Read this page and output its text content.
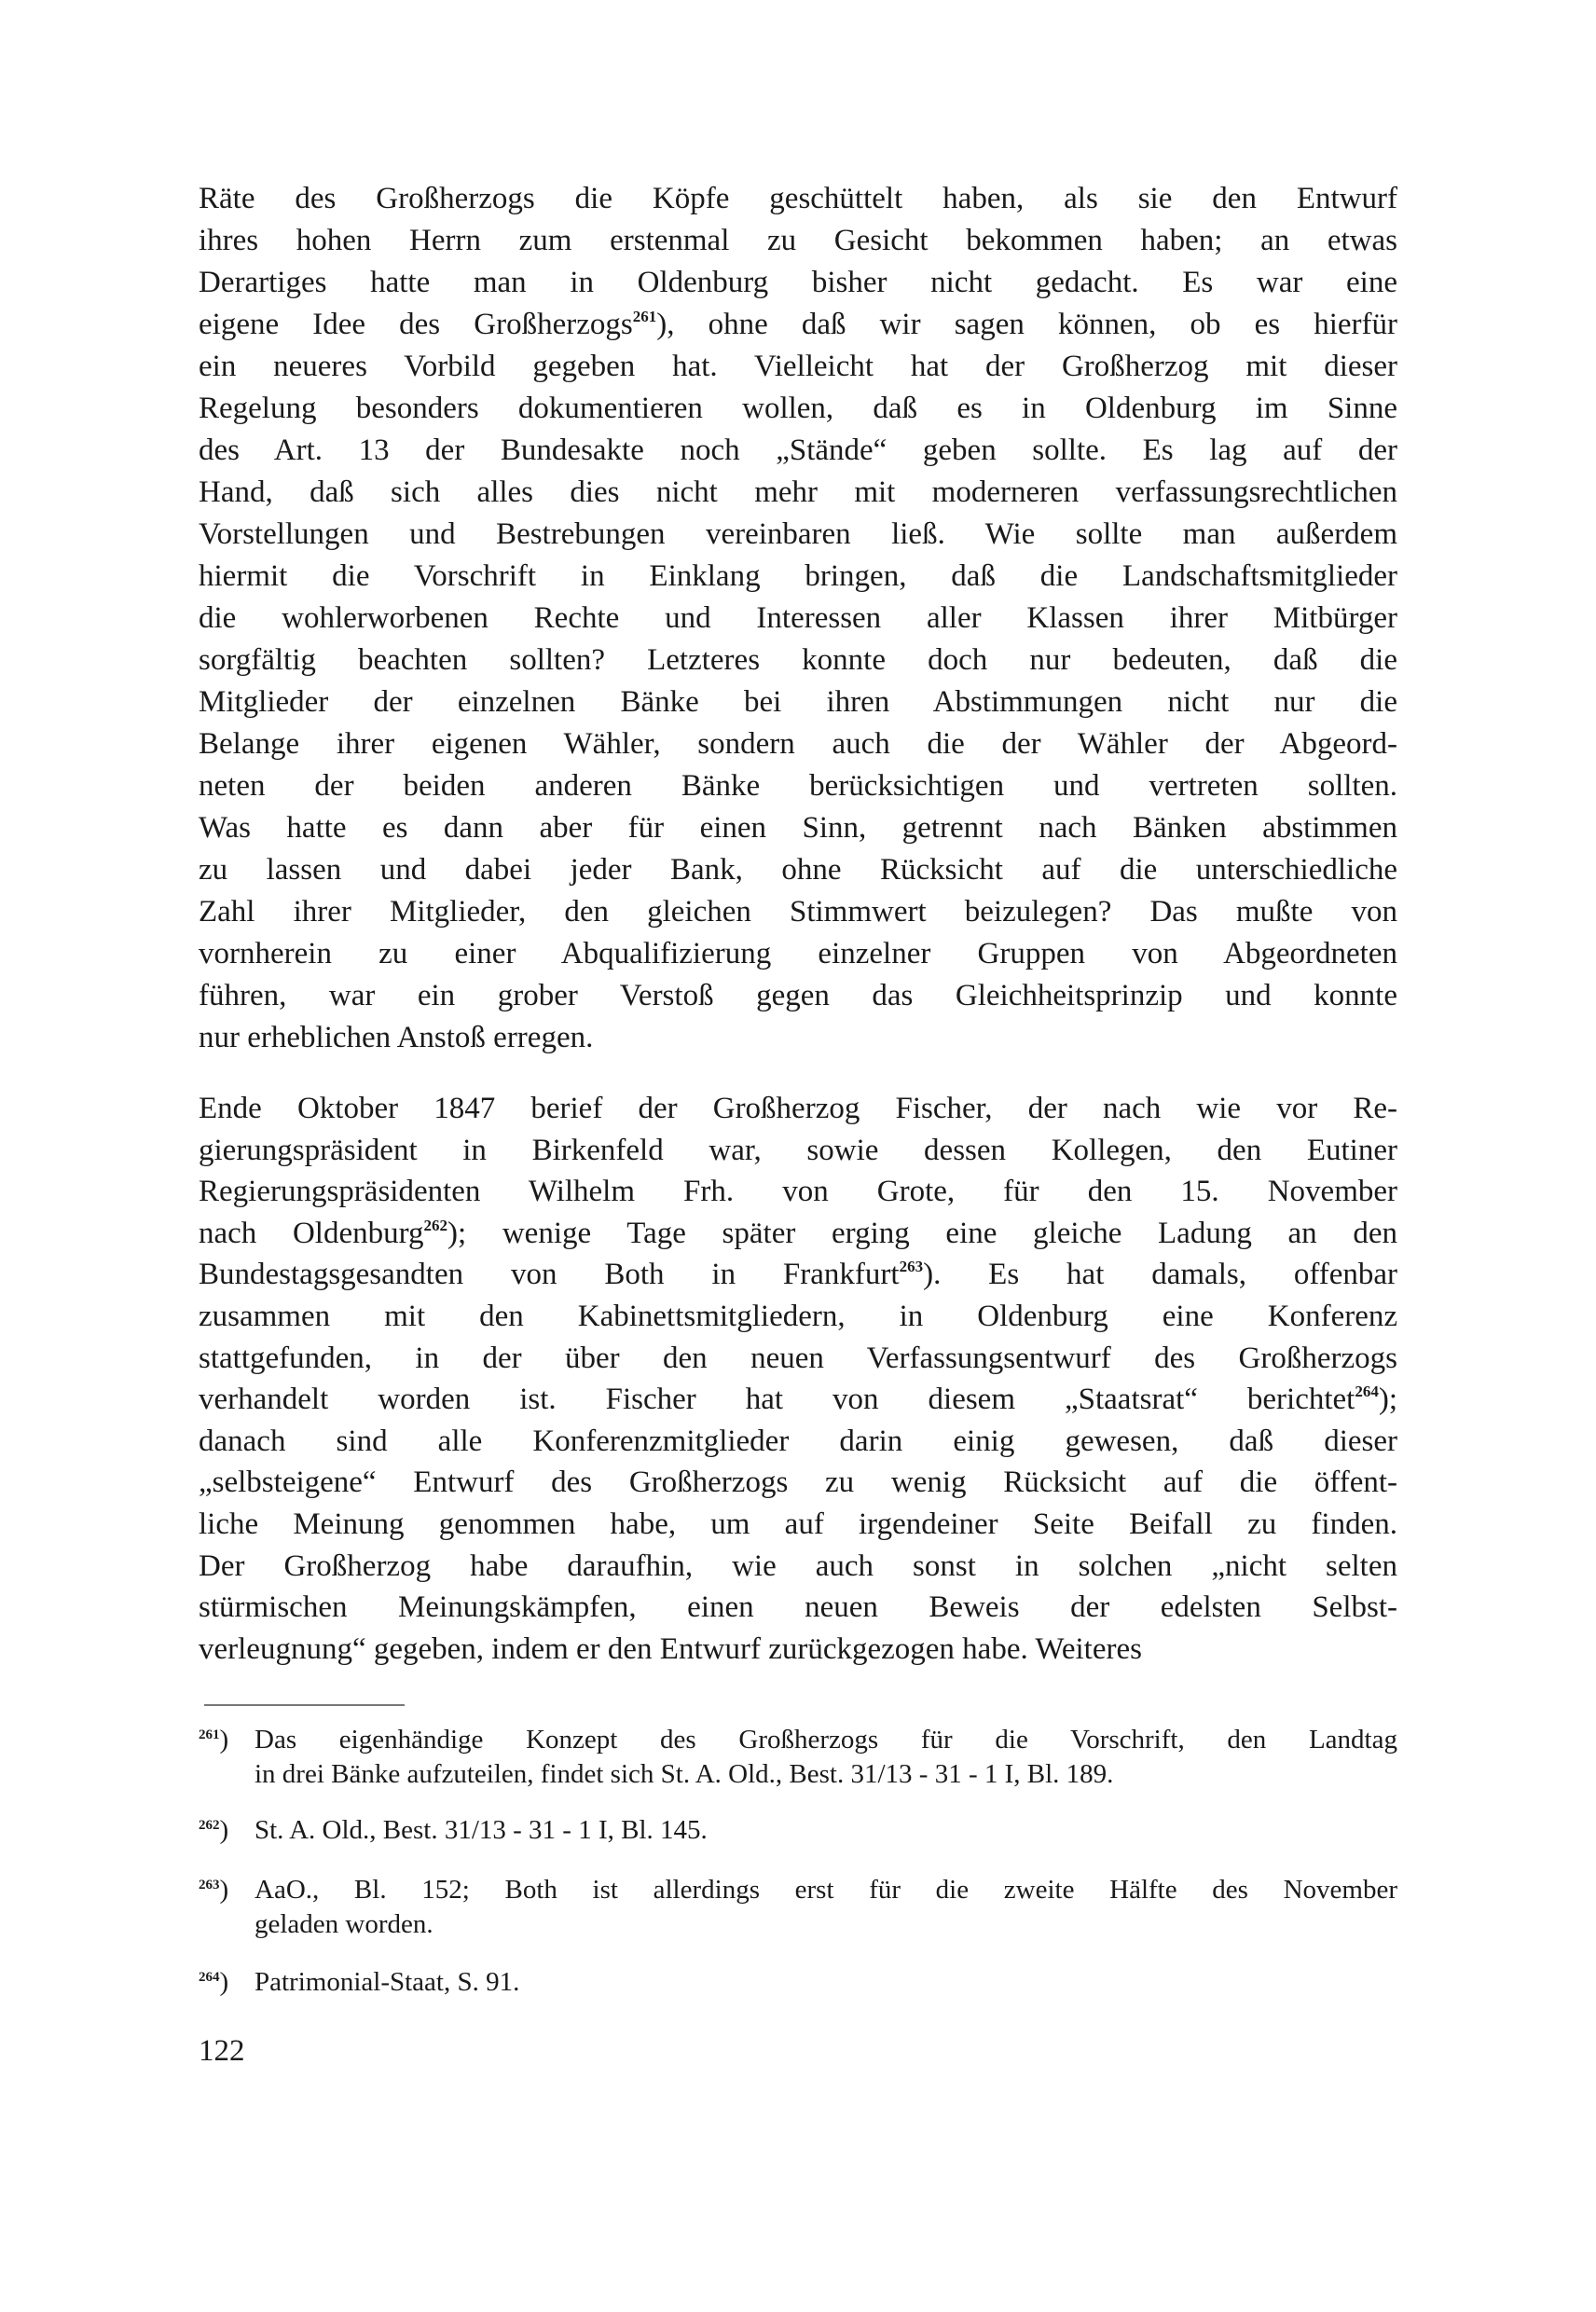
Räte des Großherzogs die Köpfe geschüttelt haben, als sie den Entwurf
ihres hohen Herrn zum erstenmal zu Gesicht bekommen haben; an etwas
Derartiges hatte man in Oldenburg bisher nicht gedacht. Es war eine
eigene Idee des Großherzogs$^{261}$), ohne daß wir sagen können, ob es hierfür
ein neueres Vorbild gegeben hat. Vielleicht hat der Großherzog mit dieser
Regelung besonders dokumentieren wollen, daß es in Oldenburg im Sinne
des Art. 13 der Bundesakte noch „Stände“ geben sollte. Es lag auf der
Hand, daß sich alles dies nicht mehr mit moderneren verfassungsrechtlichen
Vorstellungen und Bestrebungen vereinbaren ließ. Wie sollte man außerdem
hiermit die Vorschrift in Einklang bringen, daß die Landschaftsmitglieder
die wohlerworbenen Rechte und Interessen aller Klassen ihrer Mitbürger
sorgfältig beachten sollten? Letzteres konnte doch nur bedeuten, daß die
Mitglieder der einzelnen Bänke bei ihren Abstimmungen nicht nur die
Belange ihrer eigenen Wähler, sondern auch die der Wähler der Abgeord-
neten der beiden anderen Bänke berücksichtigen und vertreten sollten.
Was hatte es dann aber für einen Sinn, getrennt nach Bänken abstimmen
zu lassen und dabei jeder Bank, ohne Rücksicht auf die unterschiedliche
Zahl ihrer Mitglieder, den gleichen Stimmwert beizulegen? Das mußte von
vornherein zu einer Abqualifizierung einzelner Gruppen von Abgeordneten
führen, war ein grober Verstoß gegen das Gleichheitsprinzip und konnte
nur erheblichen Anstoß erregen.
Ende Oktober 1847 berief der Großherzog Fischer, der nach wie vor Re-
gierungspräsident in Birkenfeld war, sowie dessen Kollegen, den Eutiner
Regierungspräsidenten Wilhelm Frh. von Grote, für den 15. November
nach Oldenburg$^{262}$); wenige Tage später erging eine gleiche Ladung an den
Bundestagsgesandten von Both in Frankfurt$^{263}$). Es hat damals, offenbar
zusammen mit den Kabinettsmitgliedern, in Oldenburg eine Konferenz
stattgefunden, in der über den neuen Verfassungsentwurf des Großherzogs
verhandelt worden ist. Fischer hat von diesem „Staatsrat“ berichtet$^{264}$);
danach sind alle Konferenzmitglieder darin einig gewesen, daß dieser
„selbsteigene“ Entwurf des Großherzogs zu wenig Rücksicht auf die öffent-
liche Meinung genommen habe, um auf irgendeiner Seite Beifall zu finden.
Der Großherzog habe daraufhin, wie auch sonst in solchen „nicht selten
stürmischen Meinungskämpfen, einen neuen Beweis der edelsten Selbst-
verleugnung“ gegeben, indem er den Entwurf zurückgezogen habe. Weiteres
$^{261}$) Das eigenhändige Konzept des Großherzogs für die Vorschrift, den Landtag
in drei Bänke aufzuteilen, findet sich St. A. Old., Best. 31/13 - 31 - 1 I, Bl. 189.
$^{262}$) St. A. Old., Best. 31/13 - 31 - 1 I, Bl. 145.
$^{263}$) AaO., Bl. 152; Both ist allerdings erst für die zweite Hälfte des November
geladen worden.
$^{264}$) Patrimonial-Staat, S. 91.
122
